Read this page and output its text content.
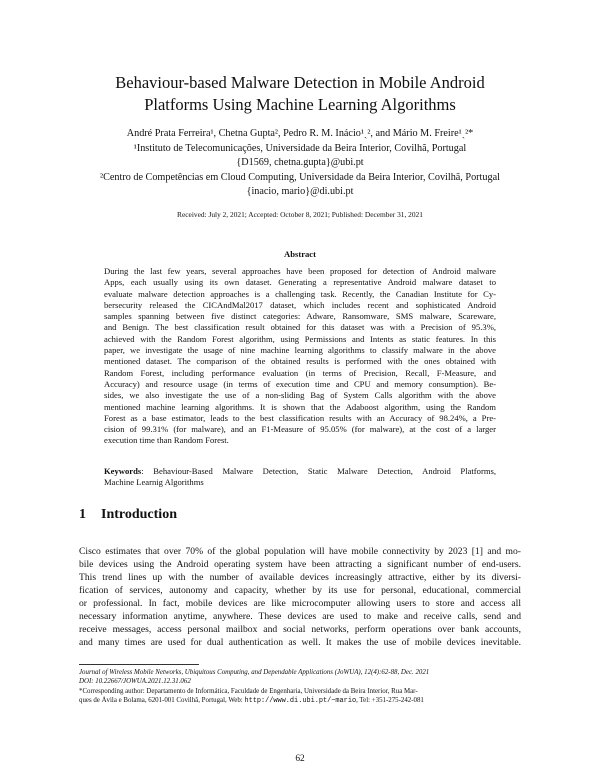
Behaviour-based Malware Detection in Mobile Android
Platforms Using Machine Learning Algorithms
André Prata Ferreira¹, Chetna Gupta², Pedro R. M. Inácio¹ˎ², and Mário M. Freire¹ˎ²*
¹Instituto de Telecomunicações, Universidade da Beira Interior, Covilhã, Portugal
{D1569, chetna.gupta}@ubi.pt
²Centro de Competências em Cloud Computing, Universidade da Beira Interior, Covilhã, Portugal
{inacio, mario}@di.ubi.pt
Received: July 2, 2021; Accepted: October 8, 2021; Published: December 31, 2021
Abstract
During the last few years, several approaches have been proposed for detection of Android malware
Apps, each usually using its own dataset. Generating a representative Android malware dataset to
evaluate malware detection approaches is a challenging task. Recently, the Canadian Institute for Cy-
bersecurity released the CICAndMal2017 dataset, which includes recent and sophisticated Android
samples spanning between five distinct categories: Adware, Ransomware, SMS malware, Scareware,
and Benign. The best classification result obtained for this dataset was with a Precision of 95.3%,
achieved with the Random Forest algorithm, using Permissions and Intents as static features. In this
paper, we investigate the usage of nine machine learning algorithms to classify malware in the above
mentioned dataset. The comparison of the obtained results is performed with the ones obtained with
Random Forest, including performance evaluation (in terms of Precision, Recall, F-Measure, and
Accuracy) and resource usage (in terms of execution time and CPU and memory consumption). Be-
sides, we also investigate the use of a non-sliding Bag of System Calls algorithm with the above
mentioned machine learning algorithms. It is shown that the Adaboost algorithm, using the Random
Forest as a base estimator, leads to the best classification results with an Accuracy of 98.24%, a Pre-
cision of 99.31% (for malware), and an F1-Measure of 95.05% (for malware), at the cost of a larger
execution time than Random Forest.
Keywords: Behaviour-Based Malware Detection, Static Malware Detection, Android Platforms,
Machine Learnig Algorithms
1 Introduction
Cisco estimates that over 70% of the global population will have mobile connectivity by 2023 [1] and mo-
bile devices using the Android operating system have been attracting a significant number of end-users.
This trend lines up with the number of available devices increasingly attractive, either by its diversi-
fication of services, autonomy and capacity, whether by its use for personal, educational, commercial
or professional. In fact, mobile devices are like microcomputer allowing users to store and access all
necessary information anytime, anywhere. These devices are used to make and receive calls, send and
receive messages, access personal mailbox and social networks, perform operations over bank accounts,
and many times are used for dual authentication as well. It makes the use of mobile devices inevitable.
Journal of Wireless Mobile Networks, Ubiquitous Computing, and Dependable Applications (JoWUA), 12(4):62-88, Dec. 2021
DOI: 10.22667/JOWUA.2021.12.31.062
*Corresponding author: Departamento de Informática, Faculdade de Engenharia, Universidade da Beira Interior, Rua Mar-
ques de Ávila e Bolama, 6201-001 Covilhã, Portugal, Web: http://www.di.ubi.pt/~mario, Tel: +351-275-242-081
62
